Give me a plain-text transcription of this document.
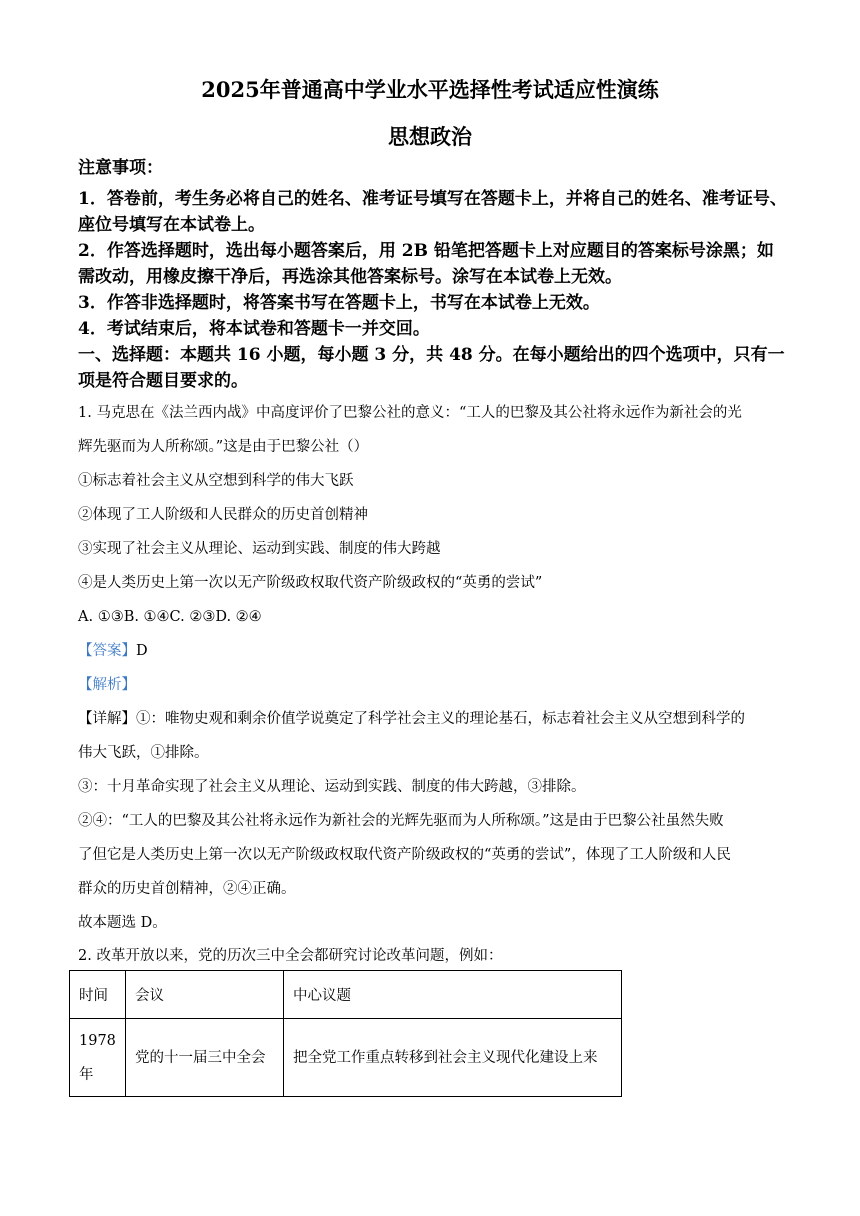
2025年普通高中学业水平选择性考试适应性演练
思想政治
注意事项：
1．答卷前，考生务必将自己的姓名、准考证号填写在答题卡上，并将自己的姓名、准考证号、
座位号填写在本试卷上。
2．作答选择题时，选出每小题答案后，用 2B 铅笔把答题卡上对应题目的答案标号涂黑；如
需改动，用橡皮擦干净后，再选涂其他答案标号。涂写在本试卷上无效。
3．作答非选择题时，将答案书写在答题卡上，书写在本试卷上无效。
4．考试结束后，将本试卷和答题卡一并交回。
一、选择题：本题共 16 小题，每小题 3 分，共 48 分。在每小题给出的四个选项中，只有一
项是符合题目要求的。
1. 马克思在《法兰西内战》中高度评价了巴黎公社的意义：“工人的巴黎及其公社将永远作为新社会的光
辉先驱而为人所称颂。”这是由于巴黎公社（）
①标志着社会主义从空想到科学的伟大飞跃
②体现了工人阶级和人民群众的历史首创精神
③实现了社会主义从理论、运动到实践、制度的伟大跨越
④是人类历史上第一次以无产阶级政权取代资产阶级政权的“英勇的尝试”
A. ①③B. ①④C. ②③D. ②④
【答案】D
【解析】
【详解】①：唯物史观和剩余价值学说奠定了科学社会主义的理论基石，标志着社会主义从空想到科学的
伟大飞跃，①排除。
③：十月革命实现了社会主义从理论、运动到实践、制度的伟大跨越，③排除。
②④：“工人的巴黎及其公社将永远作为新社会的光辉先驱而为人所称颂。”这是由于巴黎公社虽然失败
了但它是人类历史上第一次以无产阶级政权取代资产阶级政权的“英勇的尝试”，体现了工人阶级和人民
群众的历史首创精神，②④正确。
故本题选 D。
2. 改革开放以来，党的历次三中全会都研究讨论改革问题，例如：
时间	会议	中心议题
1978年	党的十一届三中全会	把全党工作重点转移到社会主义现代化建设上来
